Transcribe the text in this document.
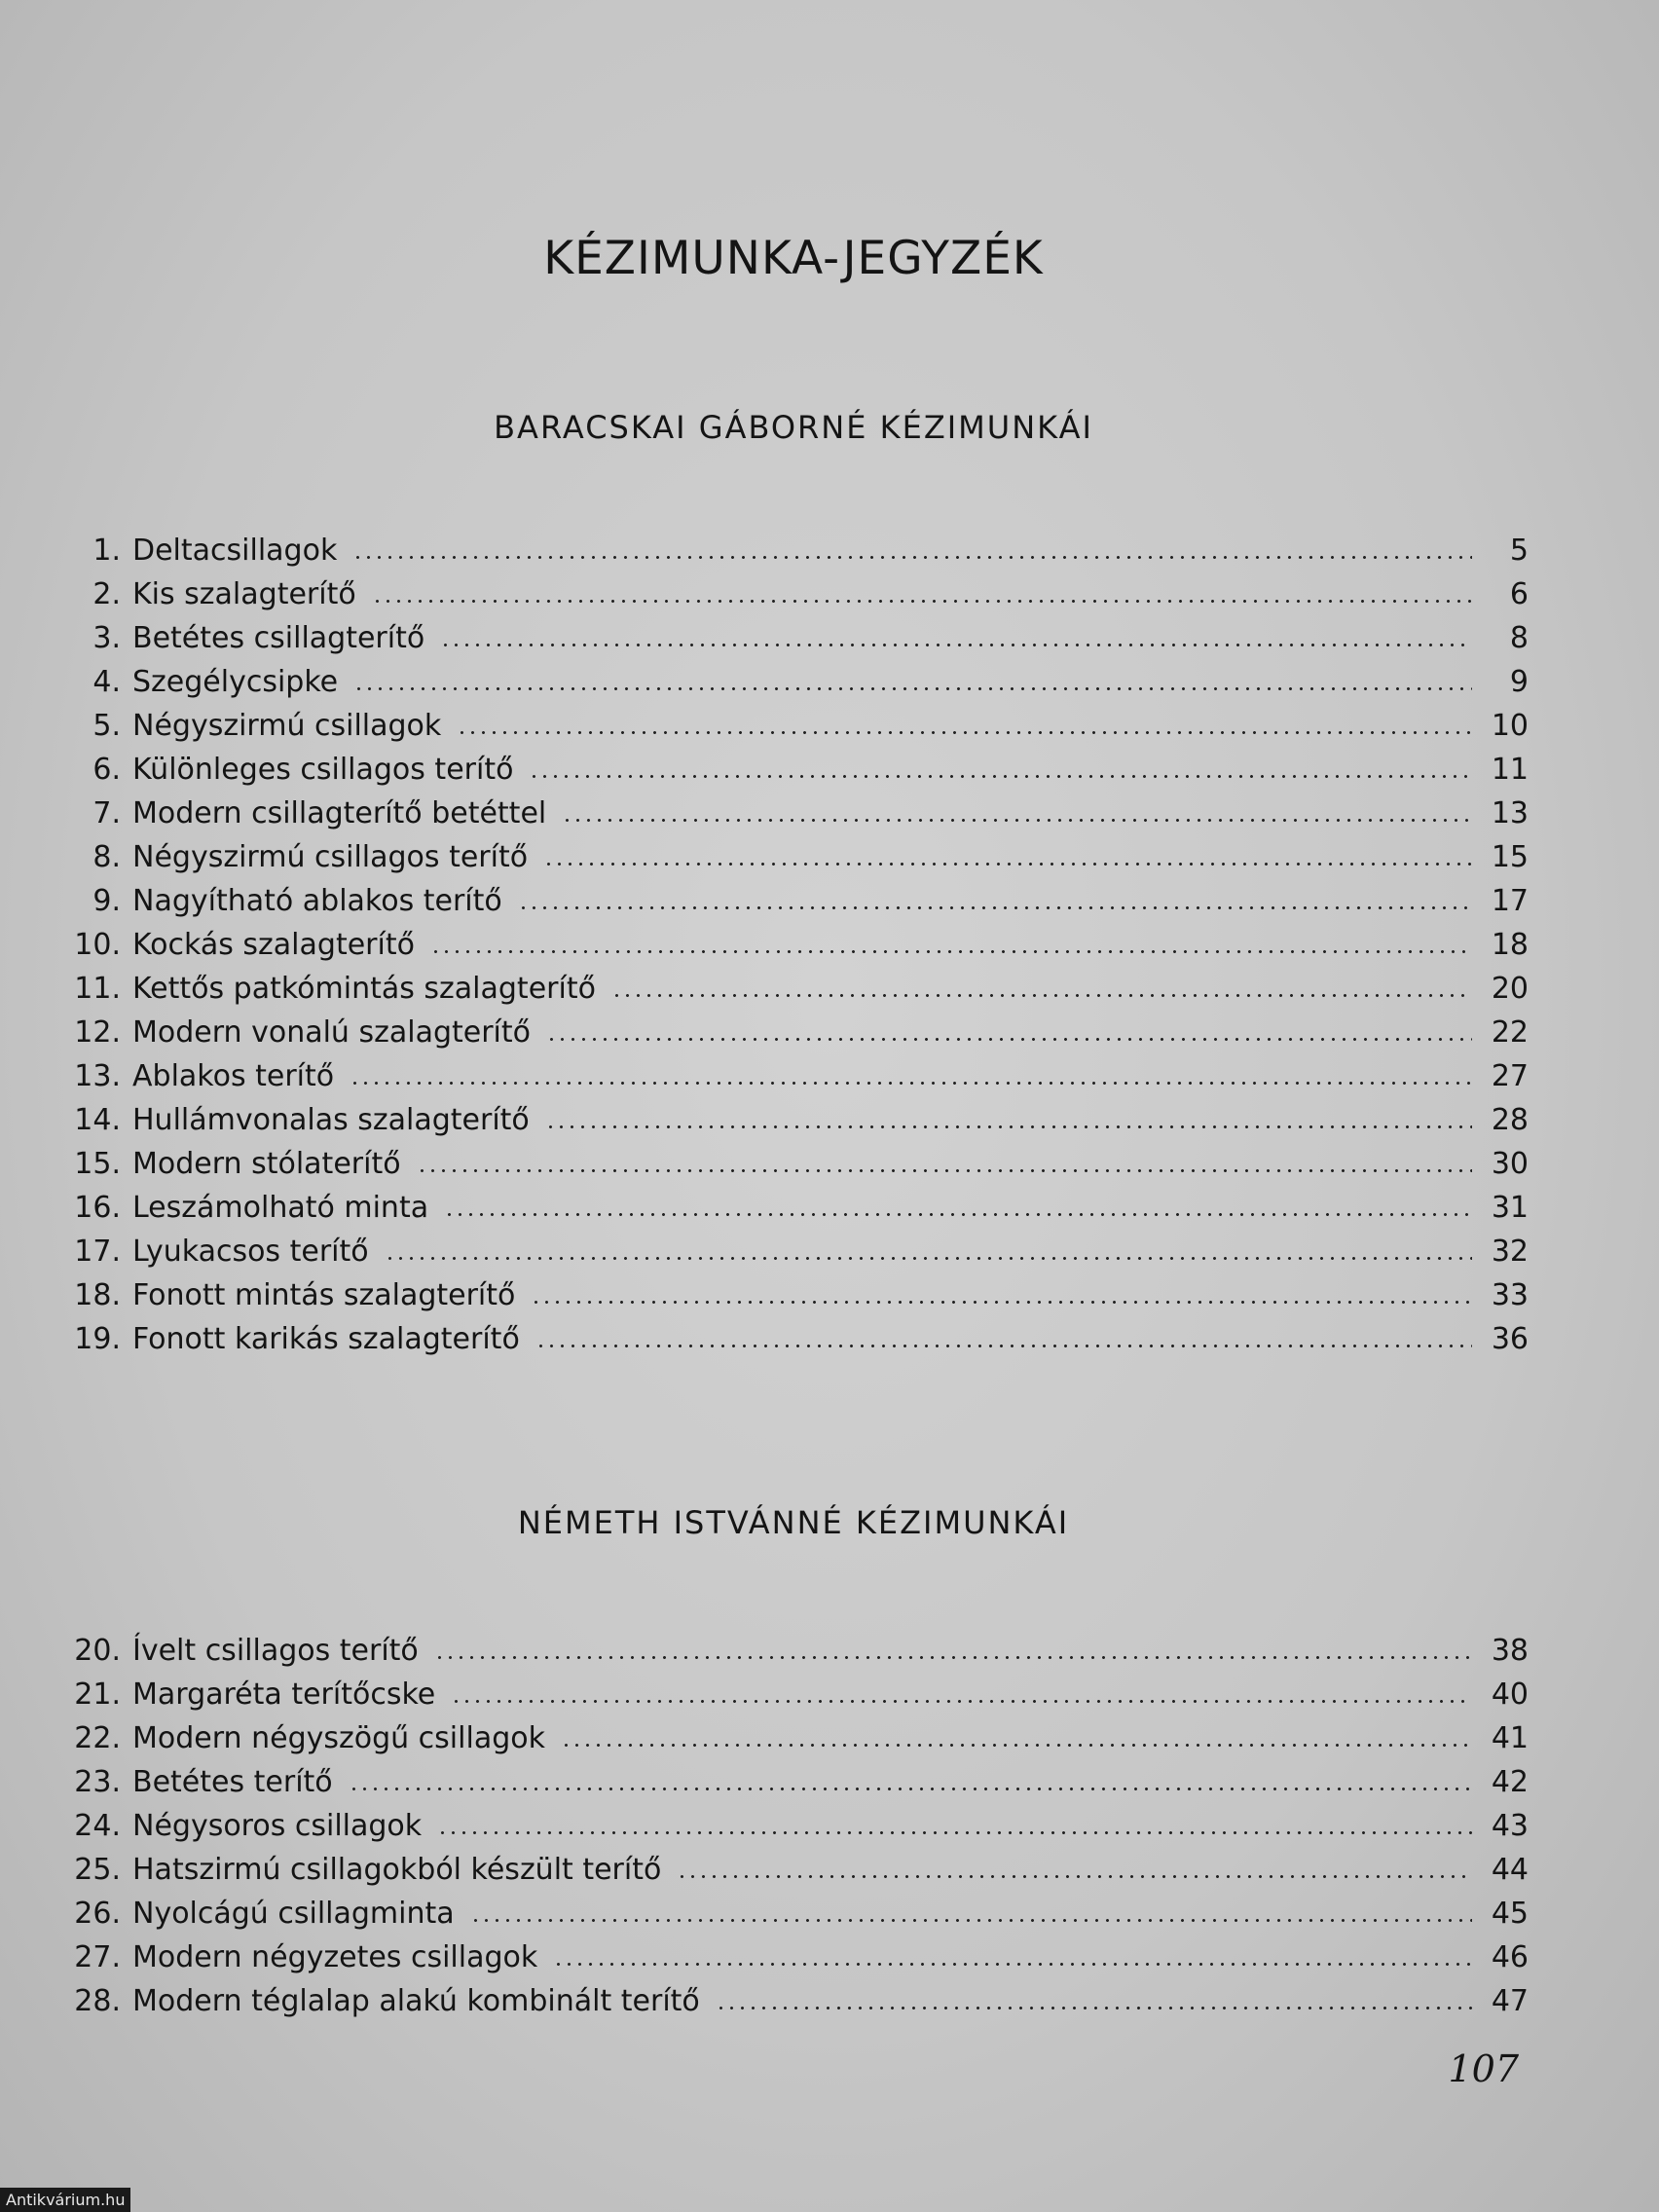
KÉZIMUNKA-JEGYZÉK
BARACSKAI GÁBORNÉ KÉZIMUNKÁI
1. Deltacsillagok	5
2. Kis szalagterítő	6
3. Betétes csillagterítő	8
4. Szegélycsipke	9
5. Négyszirmú csillagok	10
6. Különleges csillagos terítő	11
7. Modern csillagterítő betéttel	13
8. Négyszirmú csillagos terítő	15
9. Nagyítható ablakos terítő	17
10. Kockás szalagterítő	18
11. Kettős patkómintás szalagterítő	20
12. Modern vonalú szalagterítő	22
13. Ablakos terítő	27
14. Hullámvonalas szalagterítő	28
15. Modern stólaterítő	30
16. Leszámolható minta	31
17. Lyukacsos terítő	32
18. Fonott mintás szalagterítő	33
19. Fonott karikás szalagterítő	36
NÉMETH ISTVÁNNÉ KÉZIMUNKÁI
20. Ívelt csillagos terítő	38
21. Margaréta terítőcske	40
22. Modern négyszögű csillagok	41
23. Betétes terítő	42
24. Négysoros csillagok	43
25. Hatszirmú csillagokból készült terítő	44
26. Nyolcágú csillagminta	45
27. Modern négyzetes csillagok	46
28. Modern téglalap alakú kombinált terítő	47

107

Antikvárium.hu
